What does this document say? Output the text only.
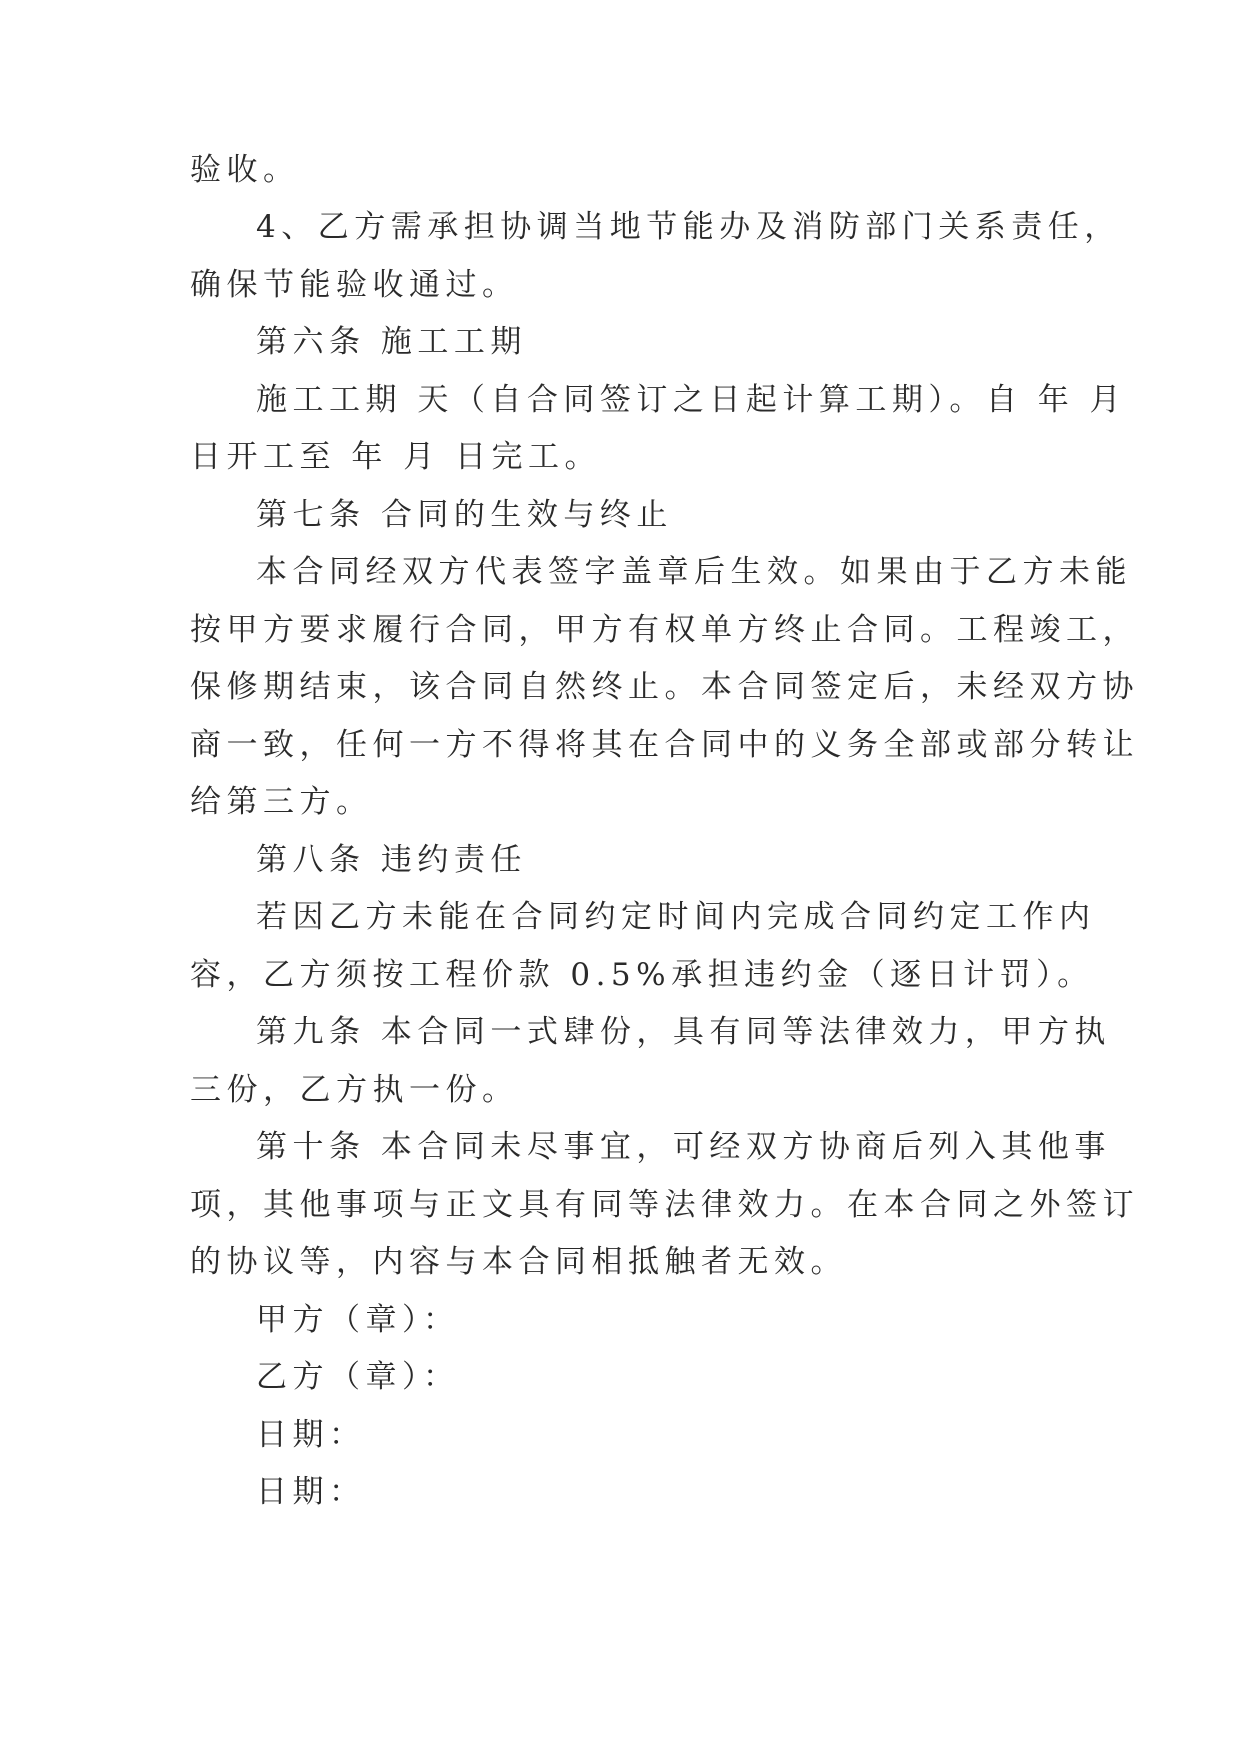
验收。
4、乙方需承担协调当地节能办及消防部门关系责任，
确保节能验收通过。
第六条 施工工期
施工工期 天（自合同签订之日起计算工期）。自 年 月
日开工至 年 月 日完工。
第七条 合同的生效与终止
本合同经双方代表签字盖章后生效。如果由于乙方未能
按甲方要求履行合同，甲方有权单方终止合同。工程竣工，
保修期结束，该合同自然终止。本合同签定后，未经双方协
商一致，任何一方不得将其在合同中的义务全部或部分转让
给第三方。
第八条 违约责任
若因乙方未能在合同约定时间内完成合同约定工作内
容，乙方须按工程价款 0.5%承担违约金（逐日计罚）。
第九条 本合同一式肆份，具有同等法律效力，甲方执
三份，乙方执一份。
第十条 本合同未尽事宜，可经双方协商后列入其他事
项，其他事项与正文具有同等法律效力。在本合同之外签订
的协议等，内容与本合同相抵触者无效。
甲方（章）：
乙方（章）：
日期：
日期：
